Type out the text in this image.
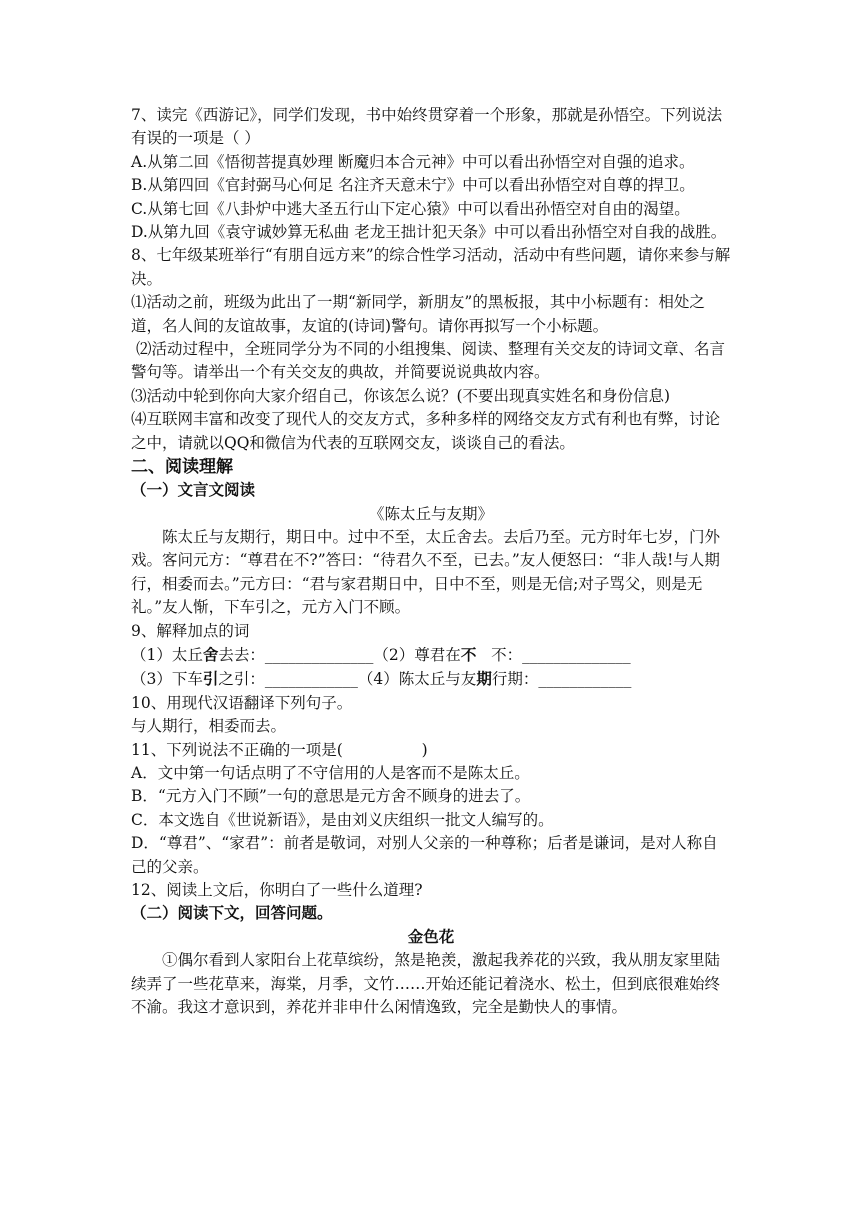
7、读完《西游记》，同学们发现，书中始终贯穿着一个形象，那就是孙悟空。下列说法有误的一项是（ ）

A.从第二回《悟彻菩提真妙理 断魔归本合元神》中可以看出孙悟空对自强的追求。

B.从第四回《官封弼马心何足 名注齐天意未宁》中可以看出孙悟空对自尊的捍卫。

C.从第七回《八卦炉中逃大圣五行山下定心猿》中可以看出孙悟空对自由的渴望。

D.从第九回《袁守诚妙算无私曲 老龙王拙计犯天条》中可以看出孙悟空对自我的战胜。

8、七年级某班举行“有朋自远方来”的综合性学习活动，活动中有些问题，请你来参与解 决。

⑴活动之前，班级为此出了一期“新同学，新朋友”的黑板报，其中小标题有：相处之道，名人间的友谊故事，友谊的(诗词)警句。请你再拟写一个小标题。

⑵活动过程中，全班同学分为不同的小组搜集、阅读、整理有关交友的诗词文章、名言警句等。请举出一个有关交友的典故，并简要说说典故内容。

⑶活动中轮到你向大家介绍自己，你该怎么说？(不要出现真实姓名和身份信息)

⑷互联网丰富和改变了现代人的交友方式，多种多样的网络交友方式有利也有弊，讨论之中，请就以QQ和微信为代表的互联网交友，谈谈自己的看法。

二、阅读理解

（一）文言文阅读

《陈太丘与友期》

陈太丘与友期行，期日中。过中不至，太丘舍去。去后乃至。元方时年七岁，门外戏。客问元方：“尊君在不?”答曰：“待君久不至，已去。”友人便怒曰：“非人哉!与人期行，相委而去。”元方曰：“君与家君期日中，日中不至，则是无信;对子骂父，则是无礼。”友人惭，下车引之，元方入门不顾。

9、解释加点的词

（1）太丘舍去去：______________（2）尊君在不   不：______________

（3）下车引之引：____________（4）陈太丘与友期行期：____________

10、用现代汉语翻译下列句子。

与人期行，相委而去。

11、下列说法不正确的一项是(                )

A．文中第一句话点明了不守信用的人是客而不是陈太丘。

B．“元方入门不顾”一句的意思是元方舍不顾身的进去了。

C．本文选自《世说新语》，是由刘义庆组织一批文人编写的。

D．“尊君”、“家君”：前者是敬词，对别人父亲的一种尊称；后者是谦词，是对人称自己的父亲。

12、阅读上文后，你明白了一些什么道理?

（二）阅读下文，回答问题。

金色花

①偶尔看到人家阳台上花草缤纷，煞是艳羡，激起我养花的兴致，我从朋友家里陆续弄了一些花草来，海棠，月季，文竹……开始还能记着浇水、松土，但到底很难始终不渝。我这才意识到，养花并非申什么闲情逸致，完全是勤快人的事情。
